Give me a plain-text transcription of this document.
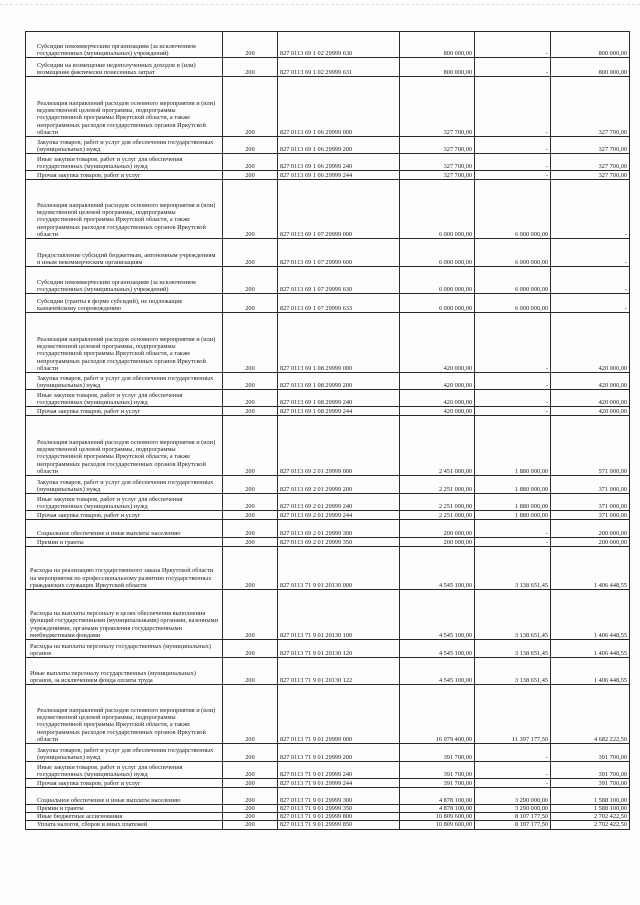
Субсидии некоммерческим организациям (за исключением государственных (муниципальных) учреждений)	200	827 0113 69 1 02 29999 630	800 000,00	-	800 000,00

Субсидии на возмещение недополученных доходов и (или) возмещение фактически понесенных затрат	200	827 0113 69 1 02 29999 631	800 000,00	-	800 000,00

Реализация направлений расходов основного мероприятия и (или) ведомственной целевой программы, подпрограммы государственной программы Иркутской области, а также непрограммных расходов государственных органов Иркутской области	200	827 0113 69 1 06 29999 000	327 700,00	-	327 700,00

Закупка товаров, работ и услуг для обеспечения государственных (муниципальных) нужд	200	827 0113 69 1 06 29999 200	327 700,00	-	327 700,00

Иные закупки товаров, работ и услуг для обеспечения государственных (муниципальных) нужд	200	827 0113 69 1 06 29999 240	327 700,00	-	327 700,00

Прочая закупка товаров, работ и услуг	200	827 0113 69 1 06 29999 244	327 700,00	-	327 700,00

Реализация направлений расходов основного мероприятия и (или) ведомственной целевой программы, подпрограммы государственной программы Иркутской области, а также непрограммных расходов государственных органов Иркутской области	200	827 0113 69 1 07 29999 000	6 000 000,00	6 000 000,00	-

Предоставление субсидий бюджетным, автономным учреждениям и иным некоммерческим организациям	200	827 0113 69 1 07 29999 600	6 000 000,00	6 000 000,00	-

Субсидии некоммерческим организациям (за исключением государственных (муниципальных) учреждений)	200	827 0113 69 1 07 29999 630	6 000 000,00	6 000 000,00	-

Субсидии (гранты в форме субсидий), не подлежащие казначейскому сопровождению	200	827 0113 69 1 07 29999 633	6 000 000,00	6 000 000,00	-

Реализация направлений расходов основного мероприятия и (или) ведомственной целевой программы, подпрограммы государственной программы Иркутской области, а также непрограммных расходов государственных органов Иркутской области	200	827 0113 69 1 08 29999 000	420 000,00	-	420 000,00

Закупка товаров, работ и услуг для обеспечения государственных (муниципальных) нужд	200	827 0113 69 1 08 29999 200	420 000,00	-	420 000,00

Иные закупки товаров, работ и услуг для обеспечения государственных (муниципальных) нужд	200	827 0113 69 1 08 29999 240	420 000,00	-	420 000,00

Прочая закупка товаров, работ и услуг	200	827 0113 69 1 08 29999 244	420 000,00	-	420 000,00

Реализация направлений расходов основного мероприятия и (или) ведомственной целевой программы, подпрограммы государственной программы Иркутской области, а также непрограммных расходов государственных органов Иркутской области	200	827 0113 69 2 01 29999 000	2 451 000,00	1 880 000,00	571 000,00

Закупка товаров, работ и услуг для обеспечения государственных (муниципальных) нужд	200	827 0113 69 2 01 29999 200	2 251 000,00	1 880 000,00	371 000,00

Иные закупки товаров, работ и услуг для обеспечения государственных (муниципальных) нужд	200	827 0113 69 2 01 29999 240	2 251 000,00	1 880 000,00	371 000,00

Прочая закупка товаров, работ и услуг	200	827 0113 69 2 01 29999 244	2 251 000,00	1 880 000,00	371 000,00

Социальное обеспечение и иные выплаты населению	200	827 0113 69 2 01 29999 300	200 000,00	-	200 000,00

Премии и гранты	200	827 0113 69 2 01 29999 350	200 000,00	-	200 000,00

Расходы на реализацию государственного заказа Иркутской области на мероприятия по профессиональному развитию государственных гражданских служащих Иркутской области	200	827 0113 71 9 01 20130 000	4 545 100,00	3 138 651,45	1 406 448,55

Расходы на выплаты персоналу в целях обеспечения выполнения функций государственными (муниципальными) органами, казенными учреждениями, органами управления государственными внебюджетными фондами	200	827 0113 71 9 01 20130 100	4 545 100,00	3 138 651,45	1 406 448,55

Расходы на выплаты персоналу государственных (муниципальных) органов	200	827 0113 71 9 01 20130 120	4 545 100,00	3 138 651,45	1 406 448,55

Иные выплаты персоналу государственных (муниципальных) органов, за исключением фонда оплаты труда	200	827 0113 71 9 01 20130 122	4 545 100,00	3 138 651,45	1 406 448,55

Реализация направлений расходов основного мероприятия и (или) ведомственной целевой программы, подпрограммы государственной программы Иркутской области, а также непрограммных расходов государственных органов Иркутской области	200	827 0113 71 9 01 29999 000	16 079 400,00	11 397 177,50	4 682 222,50

Закупка товаров, работ и услуг для обеспечения государственных (муниципальных) нужд	200	827 0113 71 9 01 29999 200	391 700,00	-	391 700,00

Иные закупки товаров, работ и услуг для обеспечения государственных (муниципальных) нужд	200	827 0113 71 9 01 29999 240	391 700,00	-	391 700,00

Прочая закупка товаров, работ и услуг	200	827 0113 71 9 01 29999 244	391 700,00	-	391 700,00

Социальное обеспечение и иные выплаты населению	200	827 0113 71 9 01 29999 300	4 878 100,00	3 290 000,00	1 588 100,00

Премии и гранты	200	827 0113 71 9 01 29999 350	4 878 100,00	3 290 000,00	1 588 100,00

Иные бюджетные ассигнования	200	827 0113 71 9 01 29999 800	10 809 600,00	8 107 177,50	2 702 422,50

Уплата налогов, сборов и иных платежей	200	827 0113 71 9 01 29999 850	10 809 600,00	8 107 177,50	2 702 422,50
